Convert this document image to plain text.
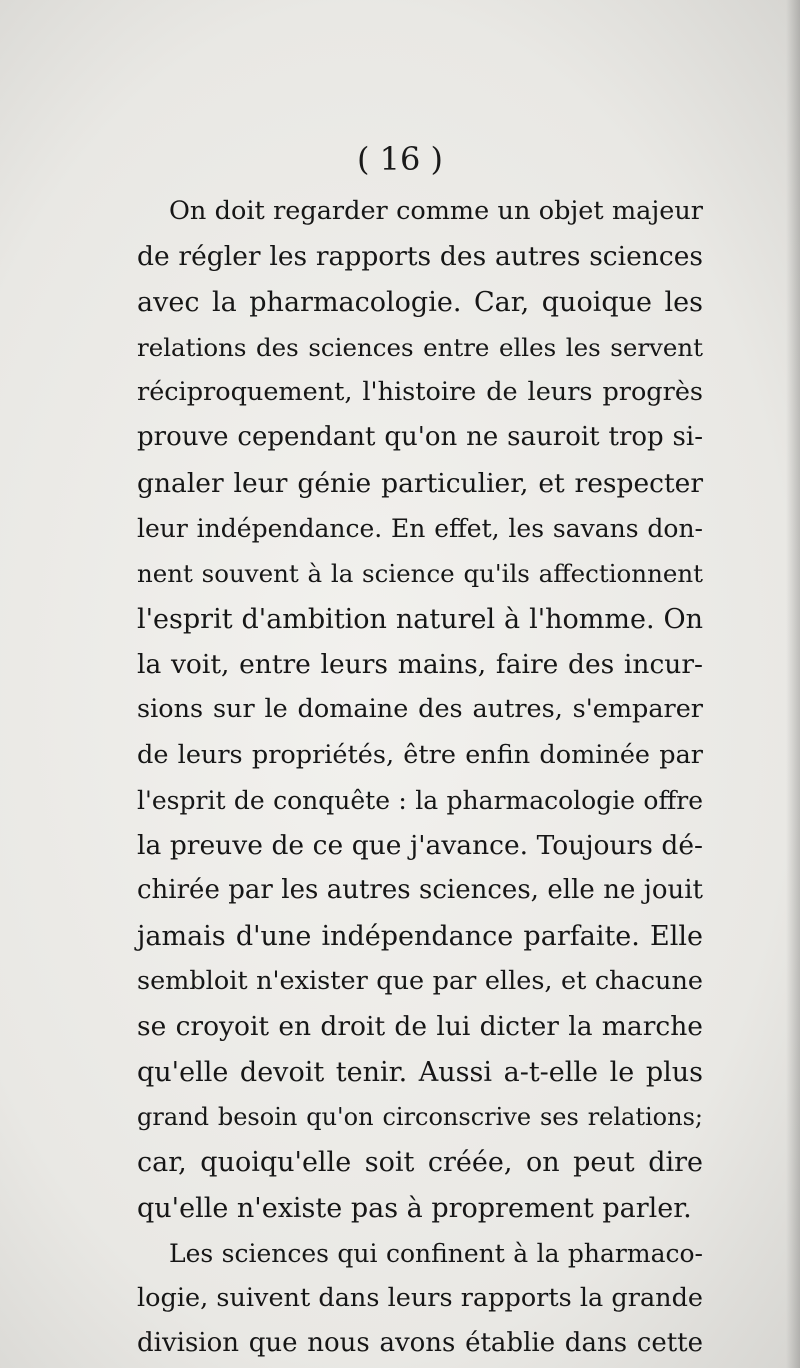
( 16 )
On doit regarder comme un objet majeur
de régler les rapports des autres sciences
avec la pharmacologie. Car, quoique les
relations des sciences entre elles les servent
réciproquement, l'histoire de leurs progrès
prouve cependant qu'on ne sauroit trop si-
gnaler leur génie particulier, et respecter
leur indépendance. En effet, les savans don-
nent souvent à la science qu'ils affectionnent
l'esprit d'ambition naturel à l'homme. On
la voit, entre leurs mains, faire des incur-
sions sur le domaine des autres, s'emparer
de leurs propriétés, être enfin dominée par
l'esprit de conquête : la pharmacologie offre
la preuve de ce que j'avance. Toujours dé-
chirée par les autres sciences, elle ne jouit
jamais d'une indépendance parfaite. Elle
sembloit n'exister que par elles, et chacune
se croyoit en droit de lui dicter la marche
qu'elle devoit tenir. Aussi a-t-elle le plus
grand besoin qu'on circonscrive ses relations;
car, quoiqu'elle soit créée, on peut dire
qu'elle n'existe pas à proprement parler.
Les sciences qui confinent à la pharmaco-
logie, suivent dans leurs rapports la grande
division que nous avons établie dans cette
